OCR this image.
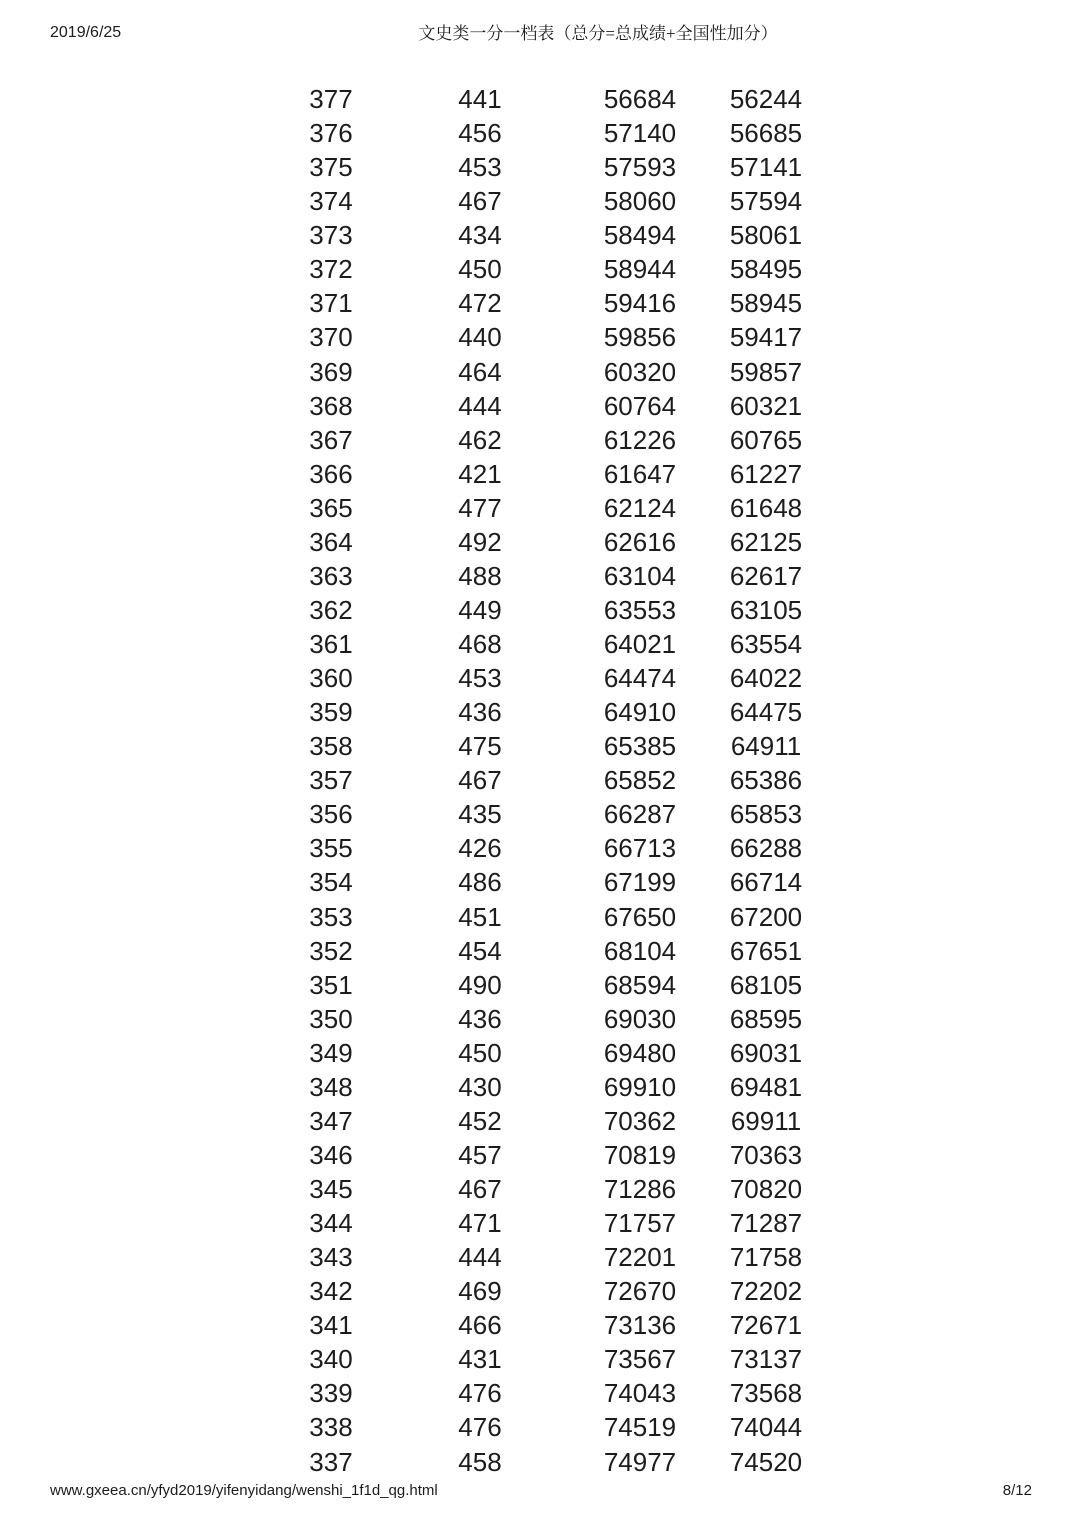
2019/6/25	文史类一分一档表（总分=总成绩+全国性加分）
377	441	56684 56244
376	456	57140 56685
375	453	57593 57141
374	467	58060 57594
373	434	58494 58061
372	450	58944 58495
371	472	59416 58945
370	440	59856 59417
369	464	60320 59857
368	444	60764 60321
367	462	61226 60765
366	421	61647 61227
365	477	62124 61648
364	492	62616 62125
363	488	63104 62617
362	449	63553 63105
361	468	64021 63554
360	453	64474 64022
359	436	64910 64475
358	475	65385 64911
357	467	65852 65386
356	435	66287 65853
355	426	66713 66288
354	486	67199 66714
353	451	67650 67200
352	454	68104 67651
351	490	68594 68105
350	436	69030 68595
349	450	69480 69031
348	430	69910 69481
347	452	70362 69911
346	457	70819 70363
345	467	71286 70820
344	471	71757 71287
343	444	72201 71758
342	469	72670 72202
341	466	73136 72671
340	431	73567 73137
339	476	74043 73568
338	476	74519 74044
337	458	74977 74520
www.gxeea.cn/yfyd2019/yifenyidang/wenshi_1f1d_qg.html	8/12
